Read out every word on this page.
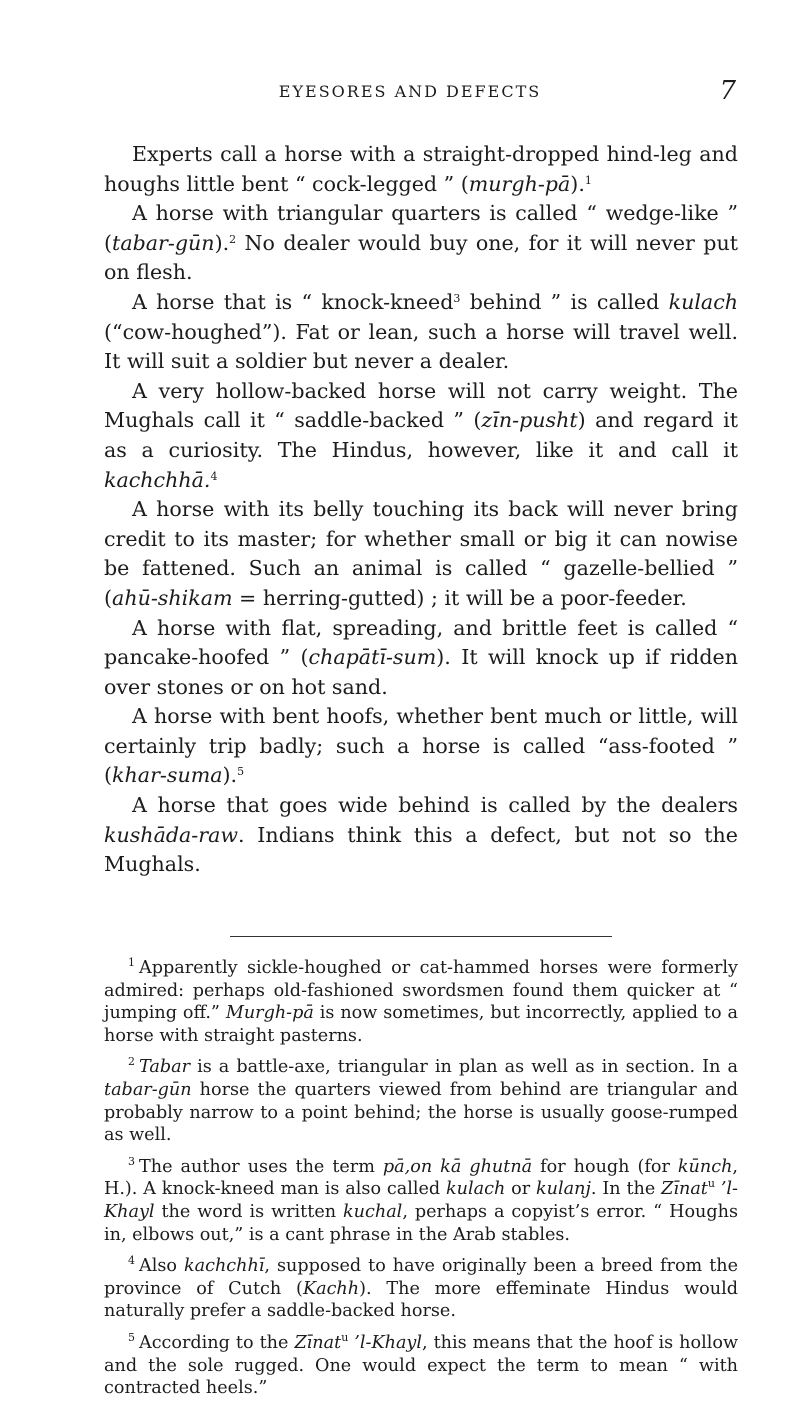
EYESORES AND DEFECTS	7

Experts call a horse with a straight-dropped hind-leg and houghs little bent “ cock-legged ” (murgh-pā).$^1$

A horse with triangular quarters is called “ wedge-like ” (tabar-gūn).$^2$ No dealer would buy one, for it will never put on flesh.

A horse that is “ knock-kneed$^3$ behind ” is called kulach (“cow-houghed”). Fat or lean, such a horse will travel well. It will suit a soldier but never a dealer.

A very hollow-backed horse will not carry weight. The Mughals call it “ saddle-backed ” (zīn-pusht) and regard it as a curiosity. The Hindus, however, like it and call it kachchhā.$^4$

A horse with its belly touching its back will never bring credit to its master; for whether small or big it can nowise be fattened. Such an animal is called “ gazelle-bellied ” (ahū-shikam = herring-gutted) ; it will be a poor-feeder.

A horse with flat, spreading, and brittle feet is called “ pancake-hoofed ” (chapātī-sum). It will knock up if ridden over stones or on hot sand.

A horse with bent hoofs, whether bent much or little, will certainly trip badly; such a horse is called “ass-footed ” (khar-suma).$^5$

A horse that goes wide behind is called by the dealers kushāda-raw. Indians think this a defect, but not so the Mughals.

$^1$ Apparently sickle-houghed or cat-hammed horses were formerly admired: perhaps old-fashioned swordsmen found them quicker at “ jumping off.” Murgh-pā is now sometimes, but incorrectly, applied to a horse with straight pasterns.

$^2$ Tabar is a battle-axe, triangular in plan as well as in section. In a tabar-gūn horse the quarters viewed from behind are triangular and probably narrow to a point behind; the horse is usually goose-rumped as well.

$^3$ The author uses the term pā,on kā ghutnā for hough (for kūnch, H.). A knock-kneed man is also called kulach or kulanj. In the Zīnat$^u$ ’l-Khayl the word is written kuchal, perhaps a copyist’s error. “ Houghs in, elbows out,” is a cant phrase in the Arab stables.

$^4$ Also kachchhī, supposed to have originally been a breed from the province of Cutch (Kachh). The more effeminate Hindus would naturally prefer a saddle-backed horse.

$^5$ According to the Zīnat$^u$ ’l-Khayl, this means that the hoof is hollow and the sole rugged. One would expect the term to mean “ with contracted heels.”
